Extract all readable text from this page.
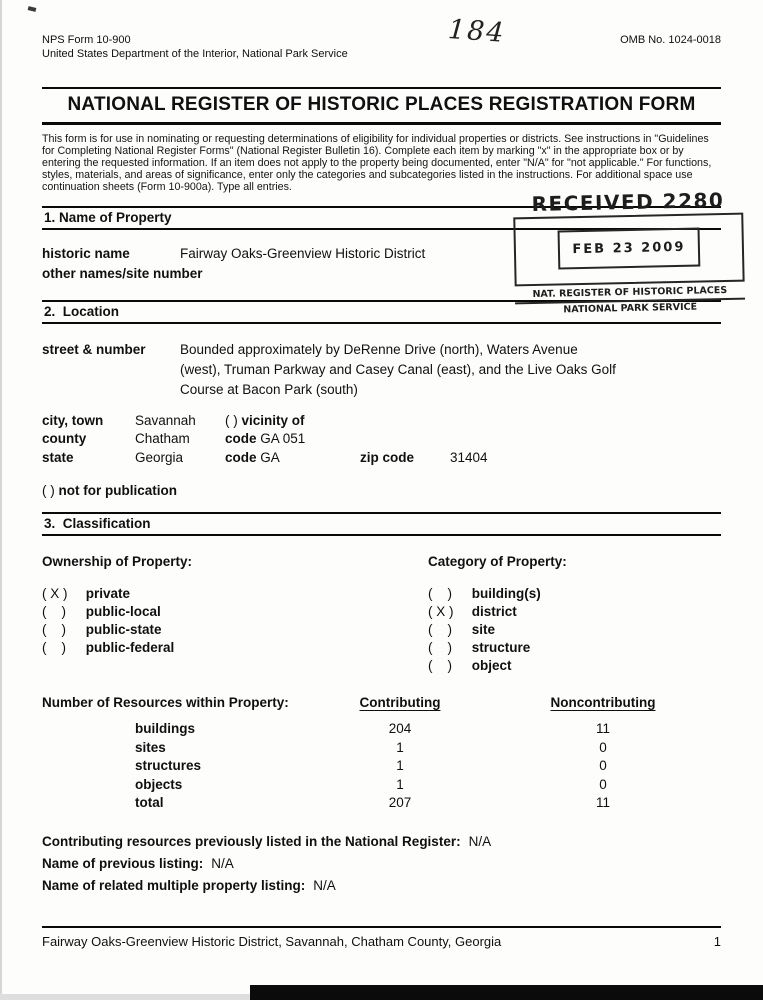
NPS Form 10-900
United States Department of the Interior, National Park Service
OMB No. 1024-0018
NATIONAL REGISTER OF HISTORIC PLACES REGISTRATION FORM
This form is for use in nominating or requesting determinations of eligibility for individual properties or districts. See instructions in "Guidelines for Completing National Register Forms" (National Register Bulletin 16). Complete each item by marking "x" in the appropriate box or by entering the requested information. If an item does not apply to the property being documented, enter "N/A" for "not applicable." For functions, styles, materials, and areas of significance, enter only the categories and subcategories listed in the instructions. For additional space use continuation sheets (Form 10-900a). Type all entries.
1. Name of Property
historic name	Fairway Oaks-Greenview Historic District
other names/site number
2.  Location
street & number	Bounded approximately by DeRenne Drive (north), Waters Avenue (west), Truman Parkway and Casey Canal (east), and the Live Oaks Golf Course at Bacon Park (south)
city, town	Savannah	( ) vicinity of
county	Chatham	code GA 051
state	Georgia	code GA	zip code	31404
( ) not for publication
3.  Classification
Ownership of Property:
( X ) private
(    ) public-local
(    ) public-state
(    ) public-federal
Category of Property:
(    ) building(s)
( X ) district
(    ) site
(    ) structure
(    ) object
Number of Resources within Property:	Contributing	Noncontributing
buildings	204	11
sites	1	0
structures	1	0
objects	1	0
total	207	11
Contributing resources previously listed in the National Register: N/A
Name of previous listing: N/A
Name of related multiple property listing: N/A
184
RECEIVED 2280
FEB 23 2009
NAT. REGISTER OF HISTORIC PLACES
NATIONAL PARK SERVICE
Fairway Oaks-Greenview Historic District, Savannah, Chatham County, Georgia	1
